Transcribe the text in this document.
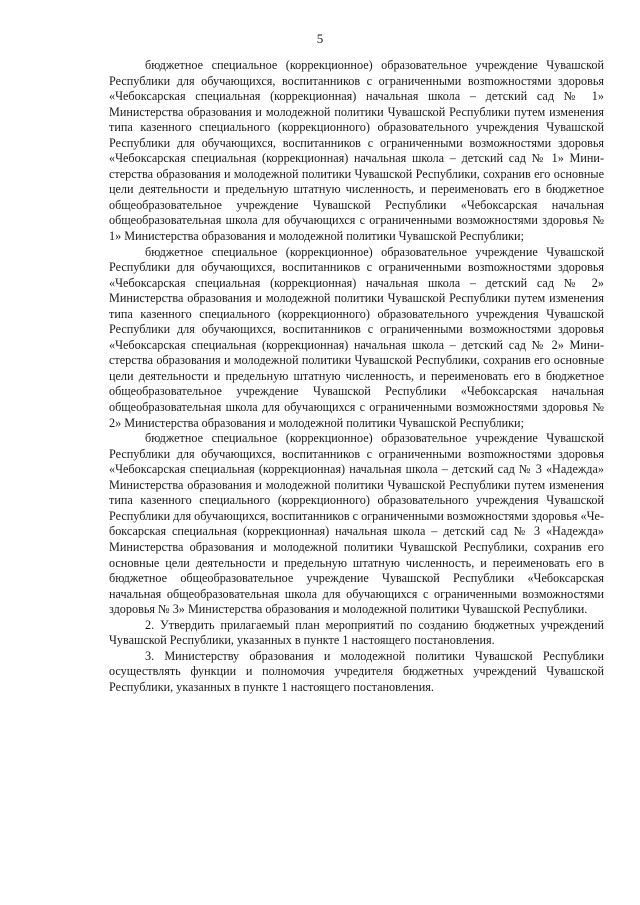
5

бюджетное специальное (коррекционное) образовательное учреждение Чувашской Республики для обучающихся, воспитанников с ограниченными возmожностями здоровья «Чебоксарская специальная (коррекционная) начальная школа – детский сад № 1» Министерства образования и молодежной политики Чувашской Республики путем изменения типа казенного специального (коррекционного) образовательного учреждения Чувашской Республики для обучающихся, воспитанников с ограниченными возможностями здоровья «Чебоксарская специальная (коррекционная) начальная школа – детский сад № 1» Министерства образования и молодежной политики Чувашской Республики, сохранив его основные цели деятельности и предельную штатную численность, и переименовать его в бюджетное общеобразовательное учреждение Чувашской Республики «Чебоксарская начальная общеобразовательная школа для обучающихся с ограниченными возможностями здоровья № 1» Министерства образования и молодежной политики Чувашской Республики;

бюджетное специальное (коррекционное) образовательное учреждение Чувашской Республики для обучающихся, воспитанников с ограниченными возmожностями здоровья «Чебоксарская специальная (коррекционная) начальная школа – детский сад № 2» Министерства образования и молодежной политики Чувашской Республики путем изменения типа казенного специального (коррекционного) образовательного учреждения Чувашской Республики для обучающихся, воспитанников с ограниченными возможностями здоровья «Чебоксарская специальная (коррекционная) начальная школа – детский сад № 2» Министерства образования и молодежной политики Чувашской Республики, сохранив его основные цели деятельности и предельную штатную численность, и переименовать его в бюджетное общеобразовательное учреждение Чувашской Республики «Чебоксарская начальная общеобразовательная школа для обучающихся с ограниченными возможностями здоровья № 2» Министерства образования и молодежной политики Чувашской Республики;

бюджетное специальное (коррекционное) образовательное учреждение Чувашской Республики для обучающихся, воспитанников с ограниченными возmожностями здоровья «Чебоксарская специальная (коррекционная) начальная школа – детский сад № 3 «Надежда» Министерства образования и молодежной политики Чувашской Республики путем изменения типа казенного специального (коррекционного) образовательного учреждения Чувашской Республики для обучающихся, воспитанников с ограниченными возможностями здоровья «Чебоксарская специальная (коррекционная) начальная школа – детский сад № 3 «Надежда» Министерства образования и молодежной политики Чувашской Республики, сохранив его основные цели деятельности и предельную штатную численность, и переименовать его в бюджетное общеобразовательное учреждение Чувашской Республики «Чебоксарская начальная общеобразовательная школа для обучающихся с ограниченными возможностями здоровья № 3» Министерства образования и молодежной политики Чувашской Республики.

2. Утвердить прилагаемый план мероприятий по созданию бюджетных учреждений Чувашской Республики, указанных в пункте 1 настоящего постановления.

3. Министерству образования и молодежной политики Чувашской Республики осуществлять функции и полномочия учредителя бюджетных учреждений Чувашской Республики, указанных в пункте 1 настоящего постановления.
